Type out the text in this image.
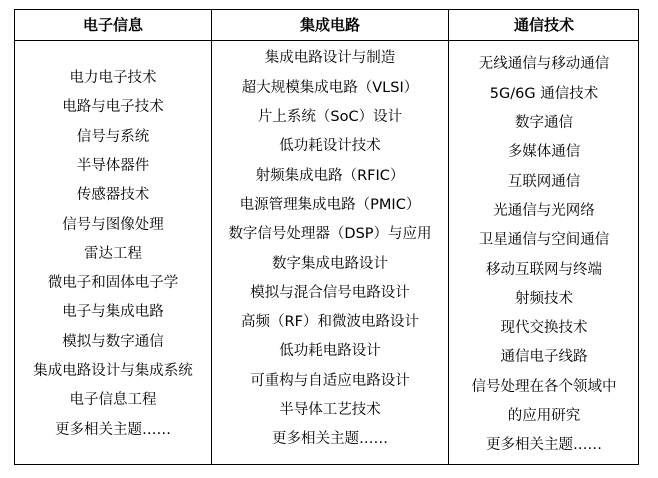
电子信息	集成电路	通信技术
电力电子技术
电路与电子技术
信号与系统
半导体器件
传感器技术
信号与图像处理
雷达工程
微电子和固体电子学
电子与集成电路
模拟与数字通信
集成电路设计与集成系统
电子信息工程
更多相关主题……
集成电路设计与制造
超大规模集成电路（VLSI）
片上系统（SoC）设计
低功耗设计技术
射频集成电路（RFIC）
电源管理集成电路（PMIC）
数字信号处理器（DSP）与应用
数字集成电路设计
模拟与混合信号电路设计
高频（RF）和微波电路设计
低功耗电路设计
可重构与自适应电路设计
半导体工艺技术
更多相关主题……
无线通信与移动通信
5G/6G 通信技术
数字通信
多媒体通信
互联网通信
光通信与光网络
卫星通信与空间通信
移动互联网与终端
射频技术
现代交换技术
通信电子线路
信号处理在各个领域中
的应用研究
更多相关主题……
